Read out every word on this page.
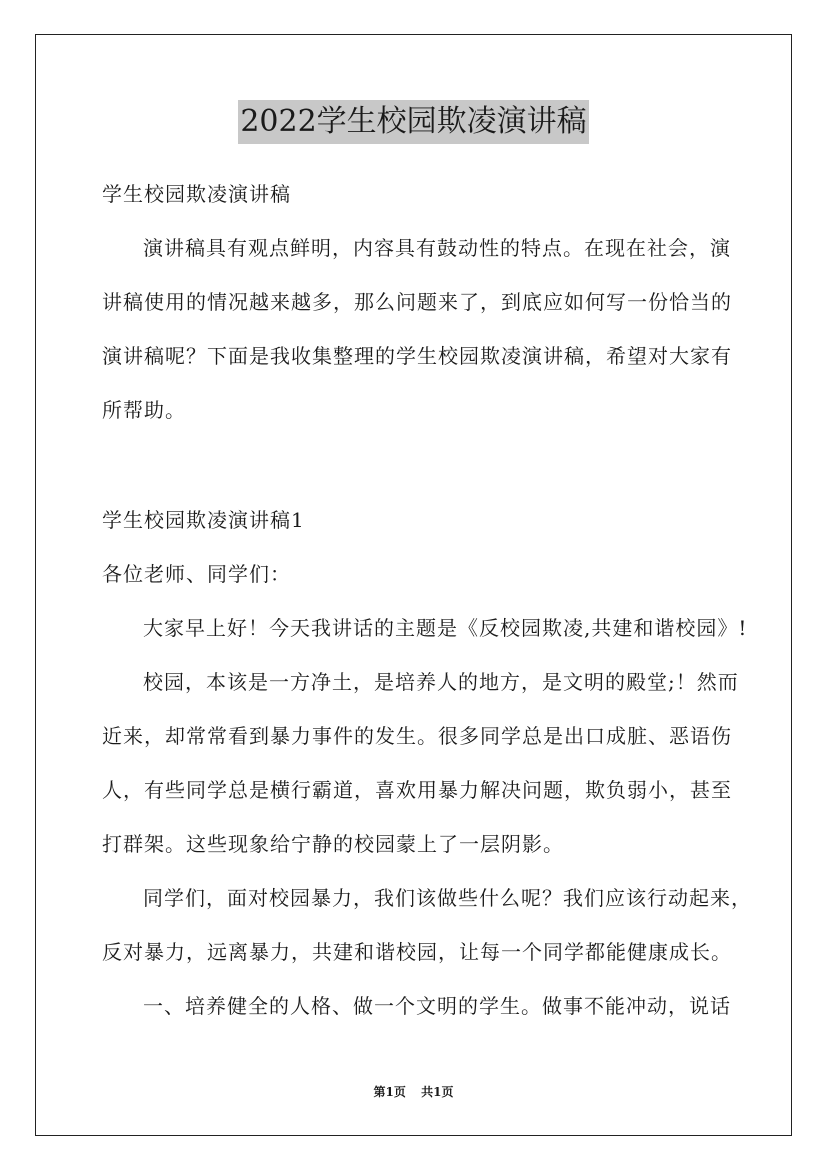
2022学生校园欺凌演讲稿
学生校园欺凌演讲稿
演讲稿具有观点鲜明，内容具有鼓动性的特点。在现在社会，演
讲稿使用的情况越来越多，那么问题来了，到底应如何写一份恰当的
演讲稿呢？下面是我收集整理的学生校园欺凌演讲稿，希望对大家有
所帮助。
学生校园欺凌演讲稿1
各位老师、同学们：
大家早上好！今天我讲话的主题是《反校园欺凌,共建和谐校园》!
校园，本该是一方净土，是培养人的地方，是文明的殿堂;！然而
近来，却常常看到暴力事件的发生。很多同学总是出口成脏、恶语伤
人，有些同学总是横行霸道，喜欢用暴力解决问题，欺负弱小，甚至
打群架。这些现象给宁静的校园蒙上了一层阴影。
同学们，面对校园暴力，我们该做些什么呢？我们应该行动起来，
反对暴力，远离暴力，共建和谐校园，让每一个同学都能健康成长。
一、培养健全的人格、做一个文明的学生。做事不能冲动，说话
第1页 共1页
